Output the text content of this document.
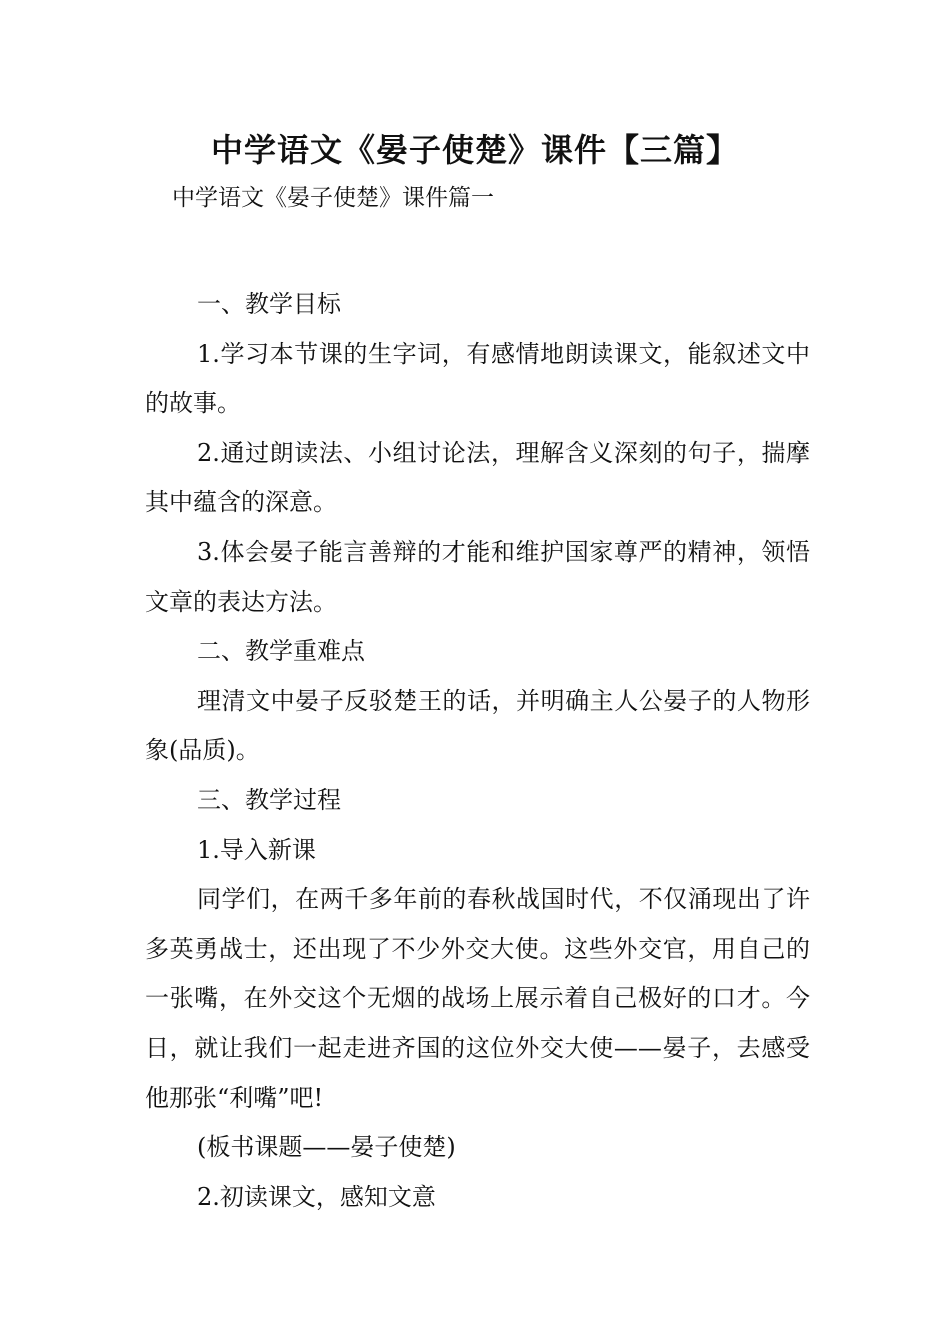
中学语文《晏子使楚》课件【三篇】

中学语文《晏子使楚》课件篇一

一、教学目标

1.学习本节课的生字词，有感情地朗读课文，能叙述文中的故事。

2.通过朗读法、小组讨论法，理解含义深刻的句子，揣摩其中蕴含的深意。

3.体会晏子能言善辩的才能和维护国家尊严的精神，领悟文章的表达方法。

二、教学重难点

理清文中晏子反驳楚王的话，并明确主人公晏子的人物形象(品质)。

三、教学过程

1.导入新课

同学们，在两千多年前的春秋战国时代，不仅涌现出了许多英勇战士，还出现了不少外交大使。这些外交官，用自己的一张嘴，在外交这个无烟的战场上展示着自己极好的口才。今日，就让我们一起走进齐国的这位外交大使——晏子，去感受他那张“利嘴”吧!

(板书课题——晏子使楚)

2.初读课文，感知文意
